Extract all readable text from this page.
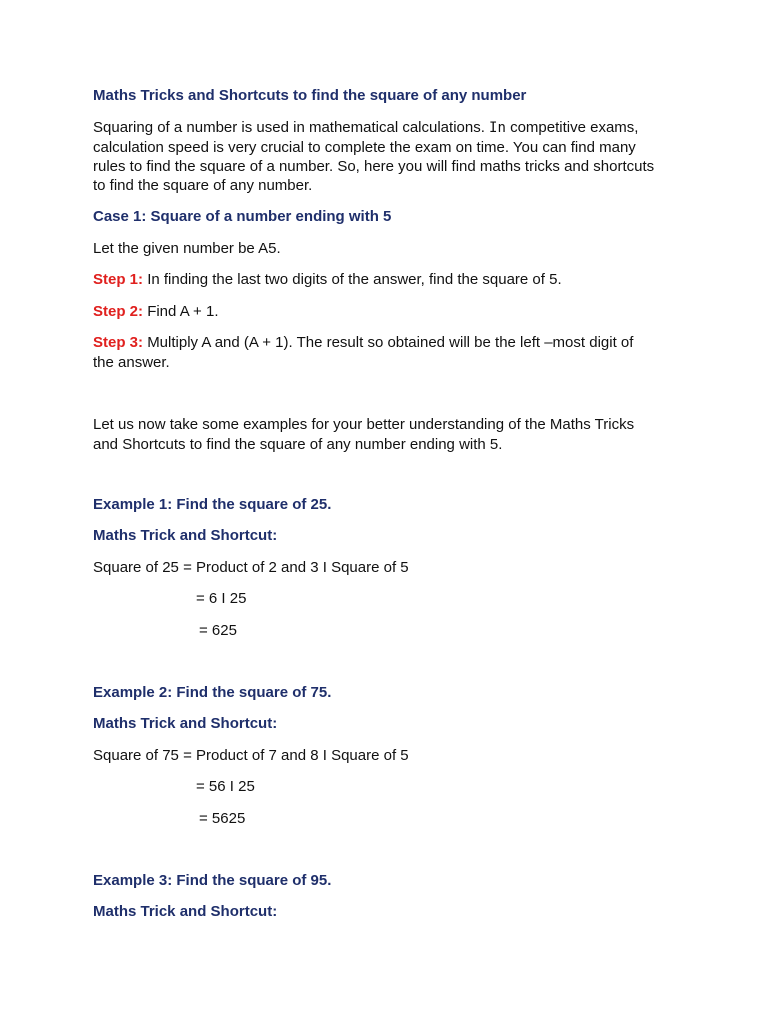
Maths Tricks and Shortcuts to find the square of any number
Squaring of a number is used in mathematical calculations. In competitive exams,
calculation speed is very crucial to complete the exam on time. You can find many
rules to find the square of a number. So, here you will find maths tricks and shortcuts
to find the square of any number.
Case 1: Square of a number ending with 5
Let the given number be A5.
Step 1: In finding the last two digits of the answer, find the square of 5.
Step 2: Find A + 1.
Step 3: Multiply A and (A + 1). The result so obtained will be the left –most digit of
the answer.
Let us now take some examples for your better understanding of the Maths Tricks
and Shortcuts to find the square of any number ending with 5.
Example 1: Find the square of 25.
Maths Trick and Shortcut:
Square of 25 = Product of 2 and 3 I Square of 5
= 6 I 25
= 625
Example 2: Find the square of 75.
Maths Trick and Shortcut:
Square of 75 = Product of 7 and 8 I Square of 5
= 56 I 25
= 5625
Example 3: Find the square of 95.
Maths Trick and Shortcut:
